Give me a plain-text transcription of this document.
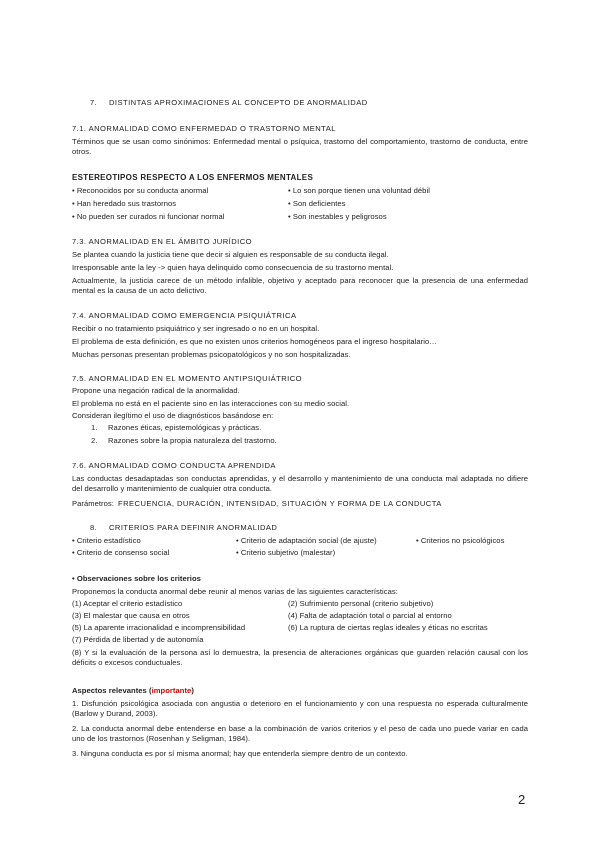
7. DISTINTAS APROXIMACIONES AL CONCEPTO DE ANORMALIDAD
7.1. ANORMALIDAD COMO ENFERMEDAD O TRASTORNO MENTAL
Términos que se usan como sinónimos: Enfermedad mental o psíquica, trastorno del comportamiento, trastorno de conducta, entre otros.
ESTEREOTIPOS RESPECTO A LOS ENFERMOS MENTALES
• Reconocidos por su conducta anormal
• Han heredado sus trastornos
• No pueden ser curados ni funcionar normal
• Lo son porque tienen una voluntad débil
• Son deficientes
• Son inestables y peligrosos
7.3. ANORMALIDAD EN EL ÁMBITO JURÍDICO
Se plantea cuando la justicia tiene que decir si alguien es responsable de su conducta ilegal.
Irresponsable ante la ley -> quien haya delinquido como consecuencia de su trastorno mental.
Actualmente, la justicia carece de un método infalible, objetivo y aceptado para reconocer que la presencia de una enfermedad mental es la causa de un acto delictivo.
7.4. ANORMALIDAD COMO EMERGENCIA PSIQUIÁTRICA
Recibir o no tratamiento psiquiátrico y ser ingresado o no en un hospital.
El problema de esta definición, es que no existen unos criterios homogéneos para el ingreso hospitalario…
Muchas personas presentan problemas psicopatológicos y no son hospitalizadas.
7.5. ANORMALIDAD EN EL MOMENTO ANTIPSIQUIÁTRICO
Propone una negación radical de la anormalidad.
El problema no está en el paciente sino en las interacciones con su medio social.
Consideran ilegítimo el uso de diagnósticos basándose en:
1. Razones éticas, epistemológicas y prácticas.
2. Razones sobre la propia naturaleza del trastorno.
7.6. ANORMALIDAD COMO CONDUCTA APRENDIDA
Las conductas desadaptadas son conductas aprendidas, y el desarrollo y mantenimiento de una conducta mal adaptada no difiere del desarrollo y mantenimiento de cualquier otra conducta.
Parámetros: FRECUENCIA, DURACIÓN, INTENSIDAD, SITUACIÓN Y FORMA DE LA CONDUCTA
8. CRITERIOS PARA DEFINIR ANORMALIDAD
• Criterio estadístico
• Criterio de consenso social
• Criterio de adaptación social (de ajuste)
• Criterio subjetivo (malestar)
• Criterios no psicológicos
• Observaciones sobre los criterios
Proponemos la conducta anormal debe reunir al menos varias de las siguientes características:
(1) Aceptar el criterio estadístico
(3) El malestar que causa en otros
(5) La aparente irracionalidad e incomprensibilidad
(7) Pérdida de libertad y de autonomía
(2) Sufrimiento personal (criterio subjetivo)
(4) Falta de adaptación total o parcial al entorno
(6) La ruptura de ciertas reglas ideales y éticas no escritas
(8) Y si la evaluación de la persona así lo demuestra, la presencia de alteraciones orgánicas que guarden relación causal con los déficits o excesos conductuales.
Aspectos relevantes (importante)
1. Disfunción psicológica asociada con angustia o deterioro en el funcionamiento y con una respuesta no esperada culturalmente (Barlow y Durand, 2003).
2. La conducta anormal debe entenderse en base a la combinación de varios criterios y el peso de cada uno puede variar en cada uno de los trastornos (Rosenhan y Seligman, 1984).
3. Ninguna conducta es por sí misma anormal; hay que entenderla siempre dentro de un contexto.
2
